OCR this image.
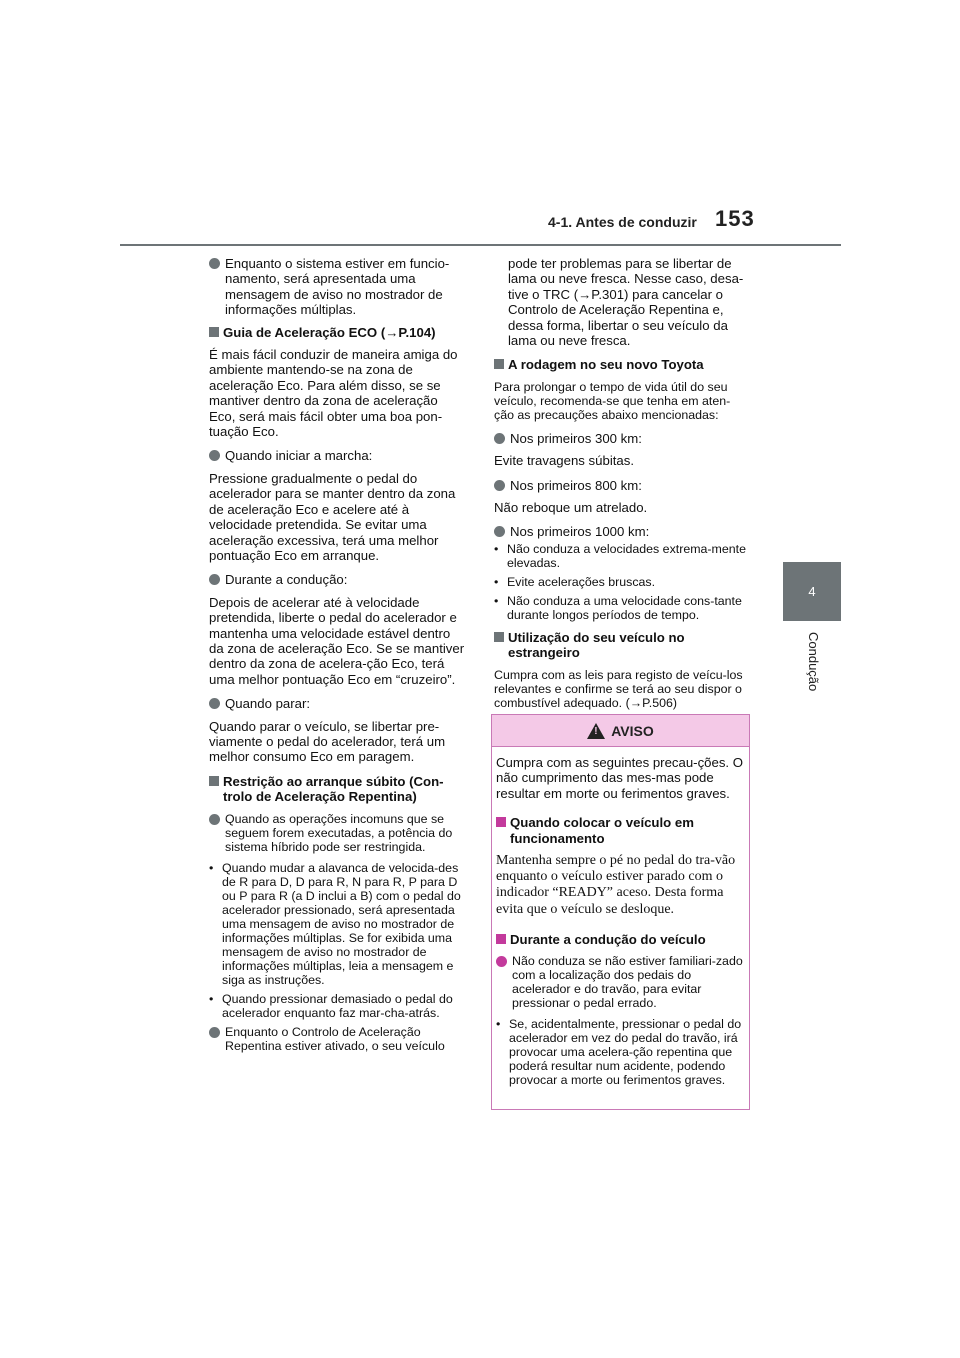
4-1. Antes de conduzir 153
4
Condução
Enquanto o sistema estiver em funcio-namento, será apresentada uma mensagem de aviso no mostrador de informações múltiplas.
Guia de Aceleração ECO (→P.104)

É mais fácil conduzir de maneira amiga do ambiente mantendo-se na zona de aceleração Eco. Para além disso, se se mantiver dentro da zona de aceleração Eco, será mais fácil obter uma boa pon-tuação Eco.

Quando iniciar a marcha:

Pressione gradualmente o pedal do acelerador para se manter dentro da zona de aceleração Eco e acelere até à velocidade pretendida. Se evitar uma aceleração excessiva, terá uma melhor pontuação Eco em arranque.

Durante a condução:

Depois de acelerar até à velocidade pretendida, liberte o pedal do acelerador e mantenha uma velocidade estável dentro da zona de aceleração Eco. Se se mantiver dentro da zona de acelera-ção Eco, terá uma melhor pontuação Eco em “cruzeiro”.

Quando parar:

Quando parar o veículo, se libertar pre-viamente o pedal do acelerador, terá um melhor consumo Eco em paragem.

Restrição ao arranque súbito (Con-trolo de Aceleração Repentina)
Quando as operações incomuns que se seguem forem executadas, a potência do sistema híbrido pode ser restringida.
• Quando mudar a alavanca de velocida-des de R para D, D para R, N para R, P para D ou P para R (a D inclui a B) com o pedal do acelerador pressionado, será apresentada uma mensagem de aviso no mostrador de informações múltiplas. Se for exibida uma mensagem de aviso no mostrador de informações múltiplas, leia a mensagem e siga as instruções.
• Quando pressionar demasiado o pedal do acelerador enquanto faz mar-cha-atrás.
Enquanto o Controlo de Aceleração Repentina estiver ativado, o seu veículo

pode ter problemas para se libertar de lama ou neve fresca. Nesse caso, desa-tive o TRC (→P.301) para cancelar o Controlo de Aceleração Repentina e, dessa forma, libertar o seu veículo da lama ou neve fresca.

A rodagem no seu novo Toyota

Para prolongar o tempo de vida útil do seu veículo, recomenda-se que tenha em aten-ção as precauções abaixo mencionadas:

Nos primeiros 300 km:

Evite travagens súbitas.

Nos primeiros 800 km:

Não reboque um atrelado.

Nos primeiros 1000 km:
• Não conduza a velocidades extrema-mente elevadas.
• Evite acelerações bruscas.
• Não conduza a uma velocidade cons-tante durante longos períodos de tempo.
Utilização do seu veículo no estrangeiro

Cumpra com as leis para registo de veícu-los relevantes e confirme se terá ao seu dispor o combustível adequado. (→P.506)

!
AVISO

Cumpra com as seguintes precau-ções. O não cumprimento das mes-mas pode resultar em morte ou ferimentos graves.

Quando colocar o veículo em funcionamento

Mantenha sempre o pé no pedal do tra-vão enquanto o veículo estiver parado com o indicador “READY” aceso. Desta forma evita que o veículo se desloque.

Durante a condução do veículo
Não conduza se não estiver familiari-zado com a localização dos pedais do acelerador e do travão, para evitar pressionar o pedal errado.
• Se, acidentalmente, pressionar o pedal do acelerador em vez do pedal do travão, irá provocar uma acelera-ção repentina que poderá resultar num acidente, podendo provocar a morte ou ferimentos graves.
